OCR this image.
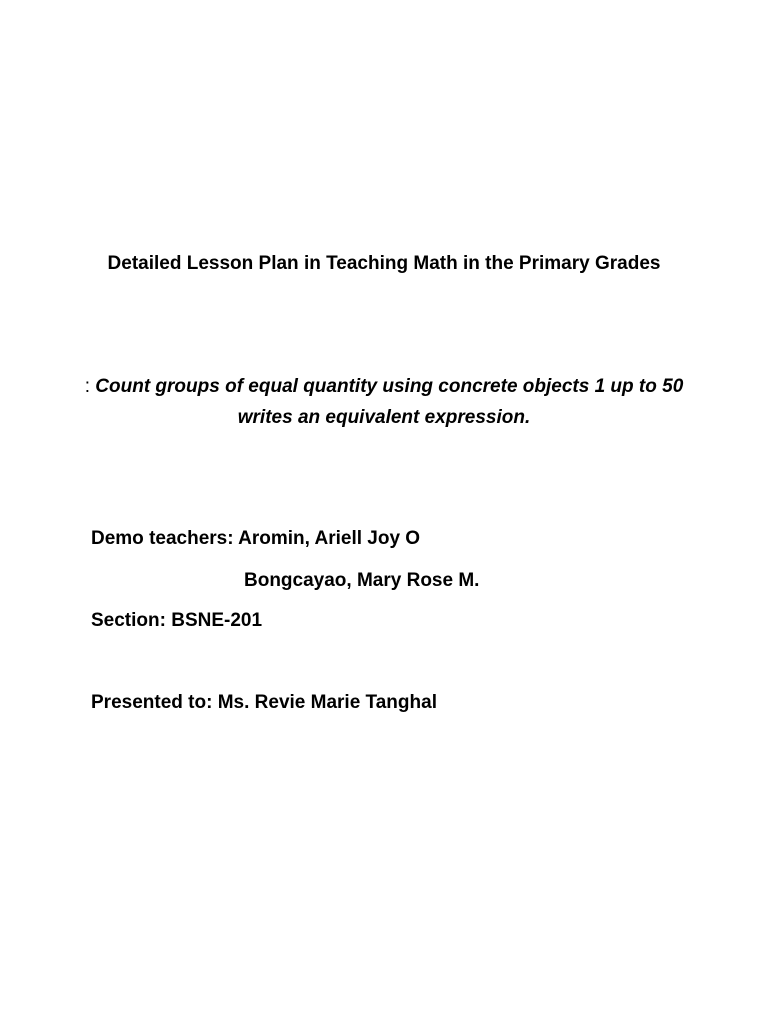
Detailed Lesson Plan in Teaching Math in the Primary Grades
: Count groups of equal quantity using concrete objects 1 up to 50 writes an equivalent expression.
Demo teachers: Aromin, Ariell Joy O
Bongcayao, Mary Rose M.
Section: BSNE-201
Presented to: Ms. Revie Marie Tanghal
